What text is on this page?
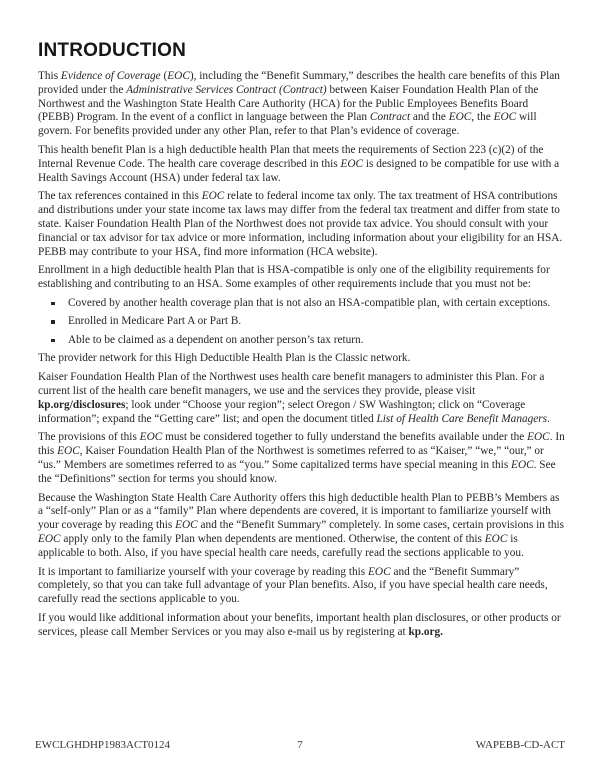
INTRODUCTION

This Evidence of Coverage (EOC), including the “Benefit Summary,” describes the health care benefits of this Plan provided under the Administrative Services Contract (Contract) between Kaiser Foundation Health Plan of the Northwest and the Washington State Health Care Authority (HCA) for the Public Employees Benefits Board (PEBB) Program. In the event of a conflict in language between the Plan Contract and the EOC, the EOC will govern. For benefits provided under any other Plan, refer to that Plan’s evidence of coverage.

This health benefit Plan is a high deductible health Plan that meets the requirements of Section 223 (c)(2) of the Internal Revenue Code. The health care coverage described in this EOC is designed to be compatible for use with a Health Savings Account (HSA) under federal tax law.

The tax references contained in this EOC relate to federal income tax only. The tax treatment of HSA contributions and distributions under your state income tax laws may differ from the federal tax treatment and differ from state to state. Kaiser Foundation Health Plan of the Northwest does not provide tax advice. You should consult with your financial or tax advisor for tax advice or more information, including information about your eligibility for an HSA. PEBB may contribute to your HSA, find more information (HCA website).

Enrollment in a high deductible health Plan that is HSA-compatible is only one of the eligibility requirements for establishing and contributing to an HSA. Some examples of other requirements include that you must not be:

Covered by another health coverage plan that is not also an HSA-compatible plan, with certain exceptions.
Enrolled in Medicare Part A or Part B.
Able to be claimed as a dependent on another person’s tax return.

The provider network for this High Deductible Health Plan is the Classic network.

Kaiser Foundation Health Plan of the Northwest uses health care benefit managers to administer this Plan. For a current list of the health care benefit managers, we use and the services they provide, please visit kp.org/disclosures; look under “Choose your region”; select Oregon / SW Washington; click on “Coverage information”; expand the “Getting care” list; and open the document titled List of Health Care Benefit Managers.

The provisions of this EOC must be considered together to fully understand the benefits available under the EOC. In this EOC, Kaiser Foundation Health Plan of the Northwest is sometimes referred to as “Kaiser,” “we,” “our,” or “us.” Members are sometimes referred to as “you.” Some capitalized terms have special meaning in this EOC. See the “Definitions” section for terms you should know.

Because the Washington State Health Care Authority offers this high deductible health Plan to PEBB’s Members as a “self-only” Plan or as a “family” Plan where dependents are covered, it is important to familiarize yourself with your coverage by reading this EOC and the “Benefit Summary” completely. In some cases, certain provisions in this EOC apply only to the family Plan when dependents are mentioned. Otherwise, the content of this EOC is applicable to both. Also, if you have special health care needs, carefully read the sections applicable to you.

It is important to familiarize yourself with your coverage by reading this EOC and the “Benefit Summary” completely, so that you can take full advantage of your Plan benefits. Also, if you have special health care needs, carefully read the sections applicable to you.

If you would like additional information about your benefits, important health plan disclosures, or other products or services, please call Member Services or you may also e-mail us by registering at kp.org.

EWCLGHDHP1983ACT0124	7	WAPEBB-CD-ACT
